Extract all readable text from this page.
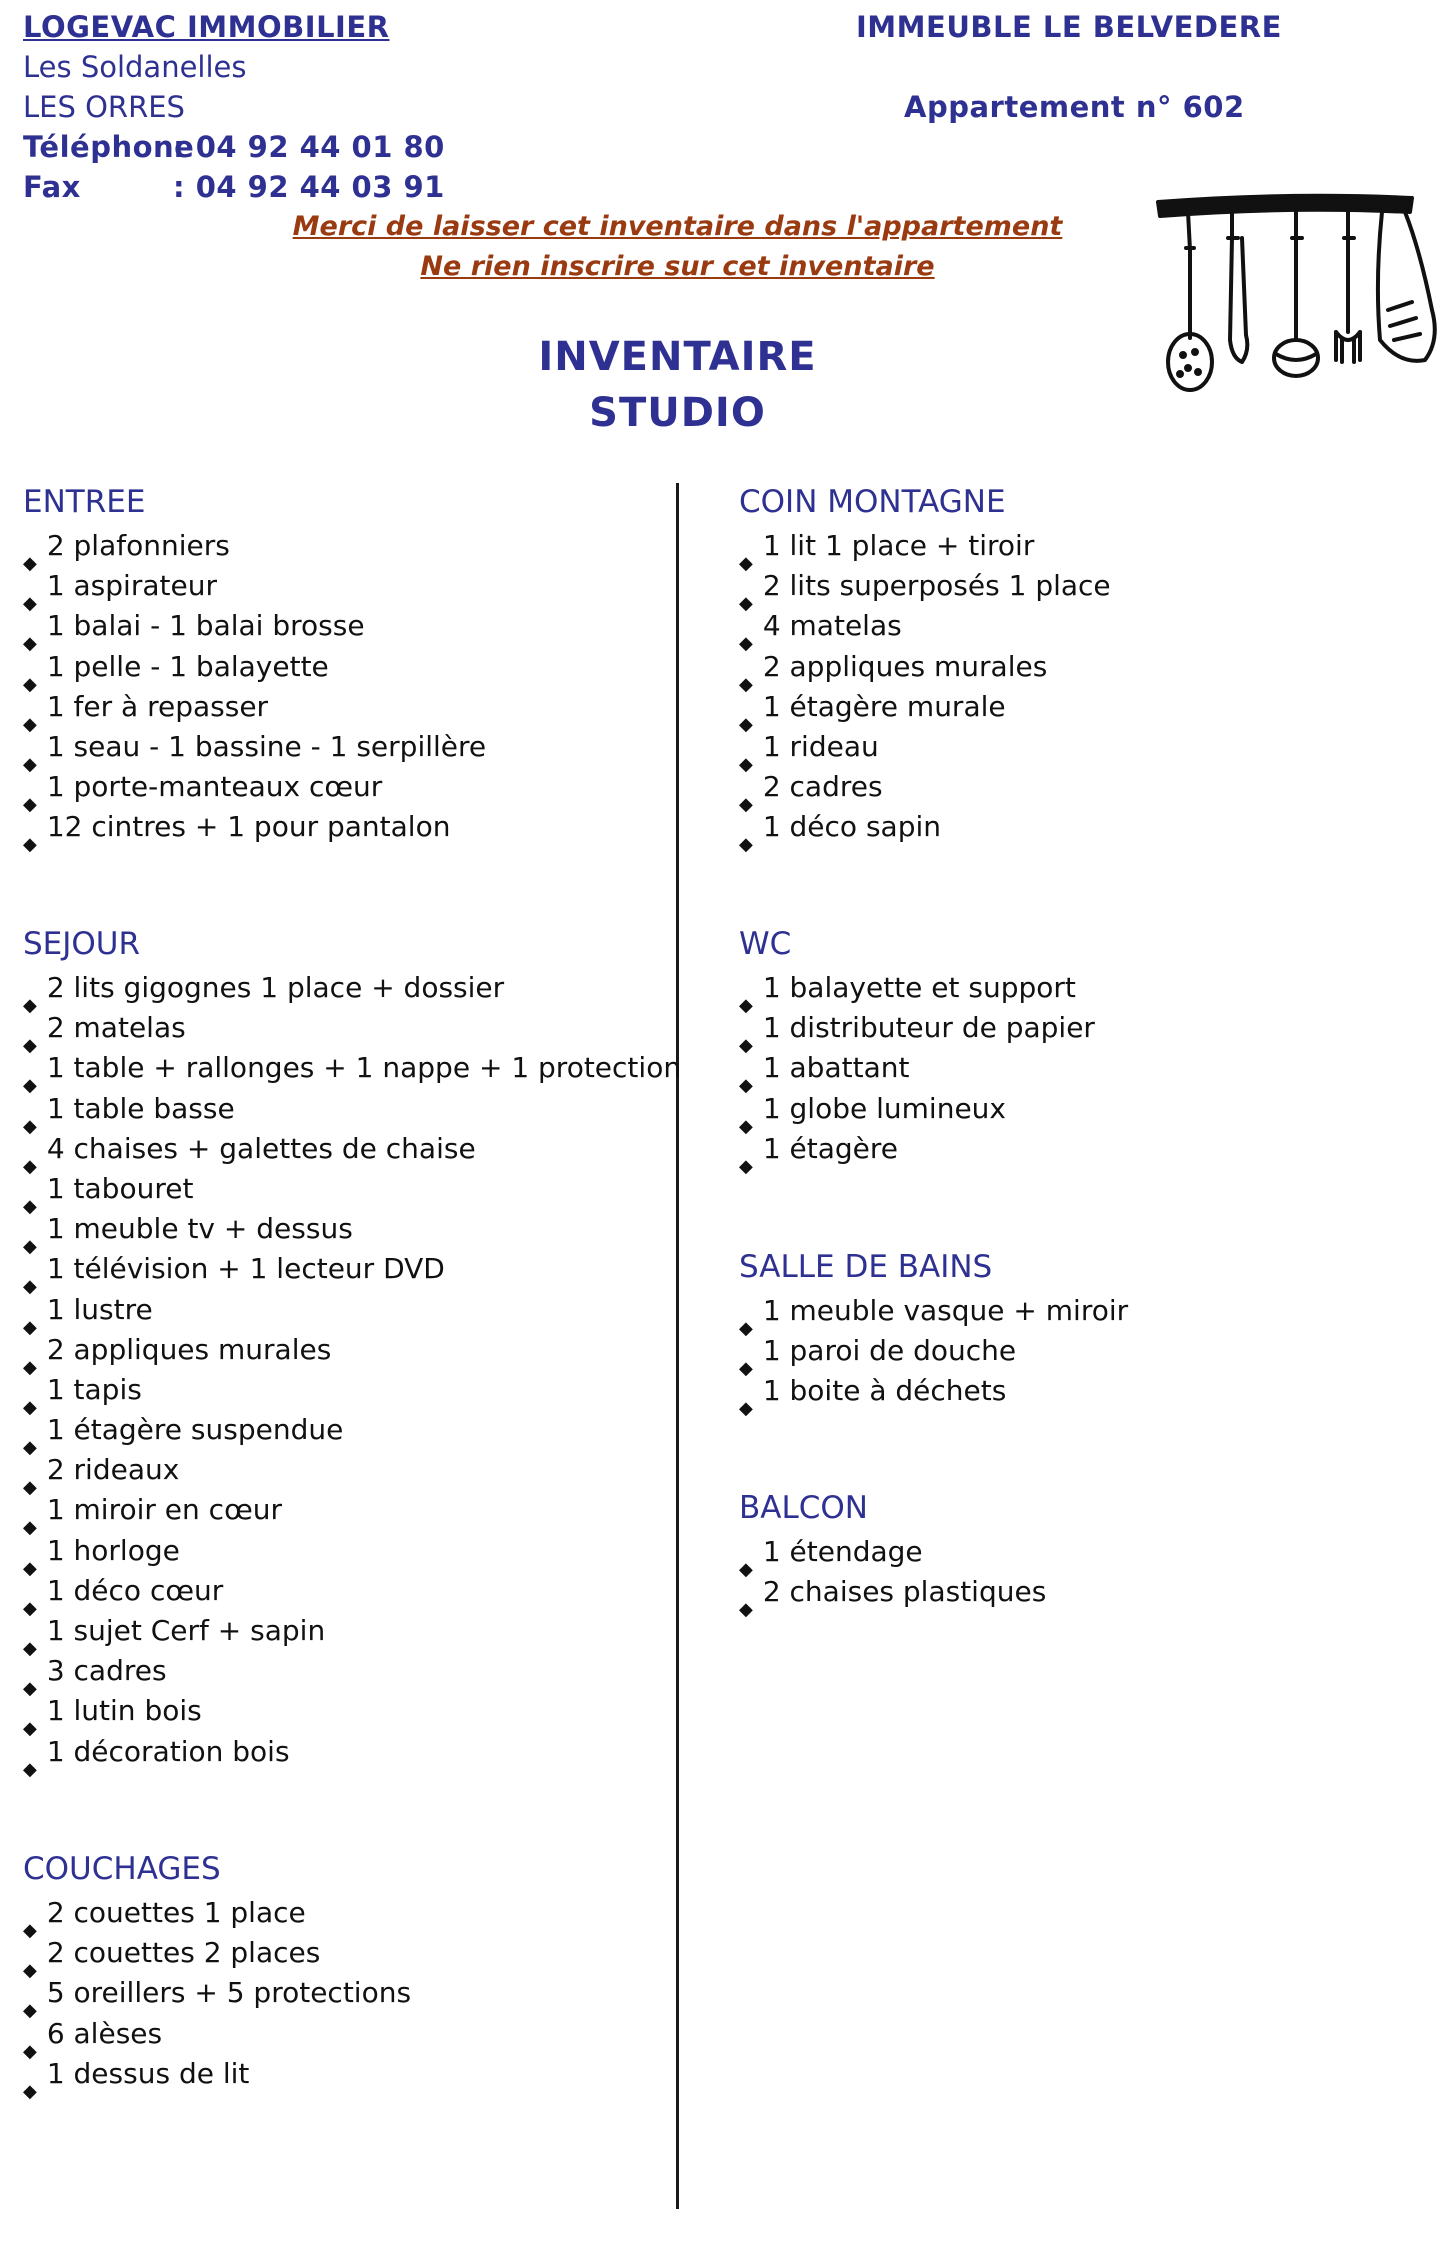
LOGEVAC IMMOBILIER
Les Soldanelles
LES ORRES
Téléphone: 04 92 44 01 80
Fax	: 04 92 44 03 91
IMMEUBLE LE BELVEDERE
Appartement n° 602
Merci de laisser cet inventaire dans l'appartement
Ne rien inscrire sur cet inventaire
INVENTAIRE
STUDIO
ENTREE
2 plafonniers
1 aspirateur
1 balai - 1 balai brosse
1 pelle - 1 balayette
1 fer à repasser
1 seau - 1 bassine - 1 serpillère
1 porte-manteaux cœur
12 cintres + 1 pour pantalon
SEJOUR
2 lits gigognes 1 place + dossier
2 matelas
1 table + rallonges + 1 nappe + 1 protection
1 table basse
4 chaises + galettes de chaise
1 tabouret
1 meuble tv + dessus
1 télévision + 1 lecteur DVD
1 lustre
2 appliques murales
1 tapis
1 étagère suspendue
2 rideaux
1 miroir en cœur
1 horloge
1 déco cœur
1 sujet Cerf + sapin
3 cadres
1 lutin bois
1 décoration bois
COUCHAGES
2 couettes 1 place
2 couettes 2 places
5 oreillers + 5 protections
6 alèses
1 dessus de lit
COIN MONTAGNE
1 lit 1 place + tiroir
2 lits superposés 1 place
4 matelas
2 appliques murales
1 étagère murale
1 rideau
2 cadres
1 déco sapin
WC
1 balayette et support
1 distributeur de papier
1 abattant
1 globe lumineux
1 étagère
SALLE DE BAINS
1 meuble vasque + miroir
1 paroi de douche
1 boite à déchets
BALCON
1 étendage
2 chaises plastiques
